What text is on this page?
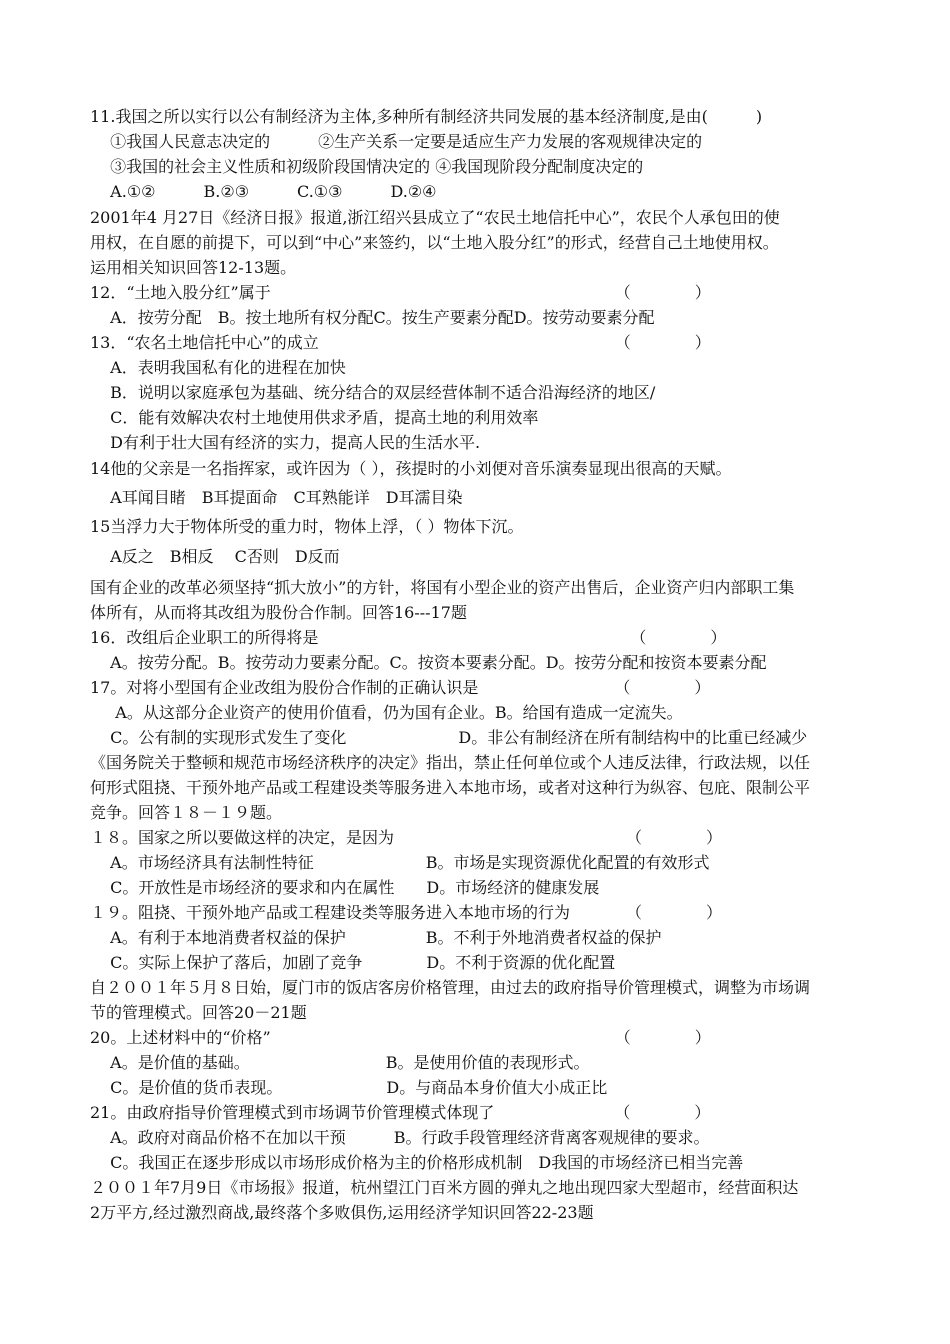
11.我国之所以实行以公有制经济为主体,多种所有制经济共同发展的基本经济制度,是由(　　　)
①我国人民意志决定的　　　②生产关系一定要是适应生产力发展的客观规律决定的
③我国的社会主义性质和初级阶段国情决定的 ④我国现阶段分配制度决定的
A.①②　　　B.②③　　　C.①③　　　D.②④
2001年4 月27日《经济日报》报道,浙江绍兴县成立了“农民土地信托中心”，农民个人承包田的使
用权，在自愿的前提下，可以到“中心”来签约，以“土地入股分红”的形式，经营自己土地使用权。
运用相关知识回答12-13题。
12．“土地入股分红”属于　　　　　　　　　　　　　　　　　　　　　　（　　　　）
A．按劳分配　B。按土地所有权分配C。按生产要素分配D。按劳动要素分配
13．“农名土地信托中心”的成立　　　　　　　　　　　　　　　　　　　（　　　　）
A．表明我国私有化的进程在加快
B．说明以家庭承包为基础、统分结合的双层经营体制不适合沿海经济的地区/
C．能有效解决农村土地使用供求矛盾，提高土地的利用效率
D有利于壮大国有经济的实力，提高人民的生活水平.
14他的父亲是一名指挥家，或许因为（ ），孩提时的小刘便对音乐演奏显现出很高的天赋。
A耳闻目睹　B耳提面命　C耳熟能详　D耳濡目染
15当浮力大于物体所受的重力时，物体上浮，（ ）物体下沉。
A反之　B相反　 C否则　D反而
国有企业的改革必须坚持“抓大放小”的方针，将国有小型企业的资产出售后，企业资产归内部职工集
体所有，从而将其改组为股份合作制。回答16---17题
16．改组后企业职工的所得将是　　　　　　　　　　　　　　　　　　　　（　　　　）
A。按劳分配。B。按劳动力要素分配。C。按资本要素分配。D。按劳分配和按资本要素分配
17。对将小型国有企业改组为股份合作制的正确认识是　　　　　　　　　（　　　　）
A。从这部分企业资产的使用价值看，仍为国有企业。B。给国有造成一定流失。
C。公有制的实现形式发生了变化　　　　　　　D。非公有制经济在所有制结构中的比重已经减少
《国务院关于整顿和规范市场经济秩序的决定》指出，禁止任何单位或个人违反法律，行政法规，以任
何形式阻挠、干预外地产品或工程建设类等服务进入本地市场，或者对这种行为纵容、包庇、限制公平
竞争。回答１８－１９题。
１８。国家之所以要做这样的决定，是因为　　　　　　　　　　　　　　　（　　　　）
A。市场经济具有法制性特征　　　　　　　B。市场是实现资源优化配置的有效形式
C。开放性是市场经济的要求和内在属性　　D。市场经济的健康发展
１９。阻挠、干预外地产品或工程建设类等服务进入本地市场的行为　　　　（　　　　）
A。有利于本地消费者权益的保护　　　　　B。不利于外地消费者权益的保护
C。实际上保护了落后，加剧了竞争　　　　D。不利于资源的优化配置
自２００１年５月８日始，厦门市的饭店客房价格管理，由过去的政府指导价管理模式，调整为市场调
节的管理模式。回答20－21题
20。上述材料中的“价格”　　　　　　　　　　　　　　　　　　　　　　（　　　　）
A。是价值的基础。　　　　　　　　　B。是使用价值的表现形式。
C。是价值的货币表现。　　　　　　　D。与商品本身价值大小成正比
21。由政府指导价管理模式到市场调节价管理模式体现了　　　　　　　　（　　　　）
A。政府对商品价格不在加以干预　　　B。行政手段管理经济背离客观规律的要求。
C。我国正在逐步形成以市场形成价格为主的价格形成机制　D我国的市场经济已相当完善
２００１年7月9日《市场报》报道，杭州望江门百米方圆的弹丸之地出现四家大型超市，经营面积达
2万平方,经过激烈商战,最终落个多败俱伤,运用经济学知识回答22-23题
